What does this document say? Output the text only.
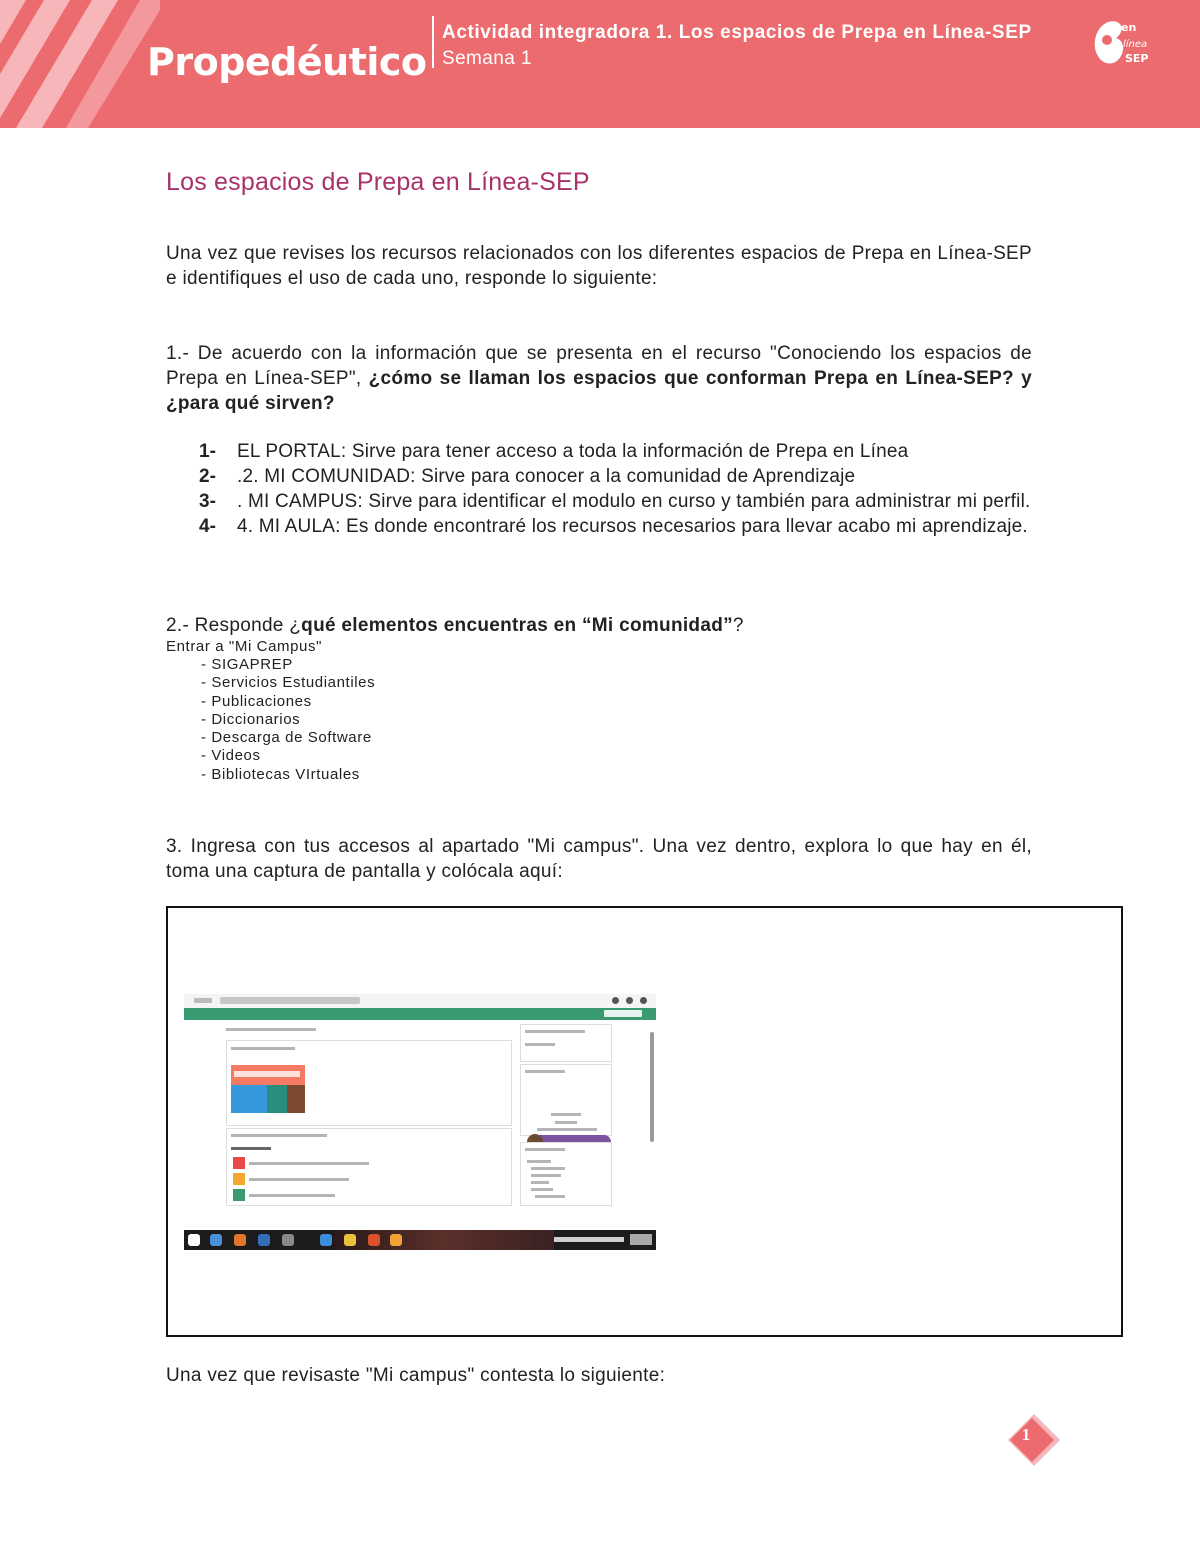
Propedéutico
Actividad integradora 1. Los espacios de Prepa en Línea-SEP
Semana 1
en
línea
SEP
Los espacios de Prepa en Línea-SEP
Una vez que revises los recursos relacionados con los diferentes espacios de Prepa en Línea-SEP e identifiques el uso de cada uno, responde lo siguiente:
1.- De acuerdo con la información que se presenta en el recurso "Conociendo los espacios de Prepa en Línea-SEP", ¿cómo se llaman los espacios que conforman Prepa en Línea-SEP? y ¿para qué sirven?
1- EL PORTAL: Sirve para tener acceso a toda la información de Prepa en Línea
2- .2. MI COMUNIDAD: Sirve para conocer a la comunidad de Aprendizaje
3- . MI CAMPUS: Sirve para identificar el modulo en curso y también para administrar mi perfil.
4- 4. MI AULA: Es donde encontraré los recursos necesarios para llevar acabo mi aprendizaje.
2.- Responde ¿qué elementos encuentras en “Mi comunidad”?
Entrar a "Mi Campus"
- SIGAPREP
- Servicios Estudiantiles
- Publicaciones
- Diccionarios
- Descarga de Software
- Videos
- Bibliotecas VIrtuales
3. Ingresa con tus accesos al apartado "Mi campus". Una vez dentro, explora lo que hay en él, toma una captura de pantalla y colócala aquí:
Una vez que revisaste "Mi campus" contesta lo siguiente:
1
